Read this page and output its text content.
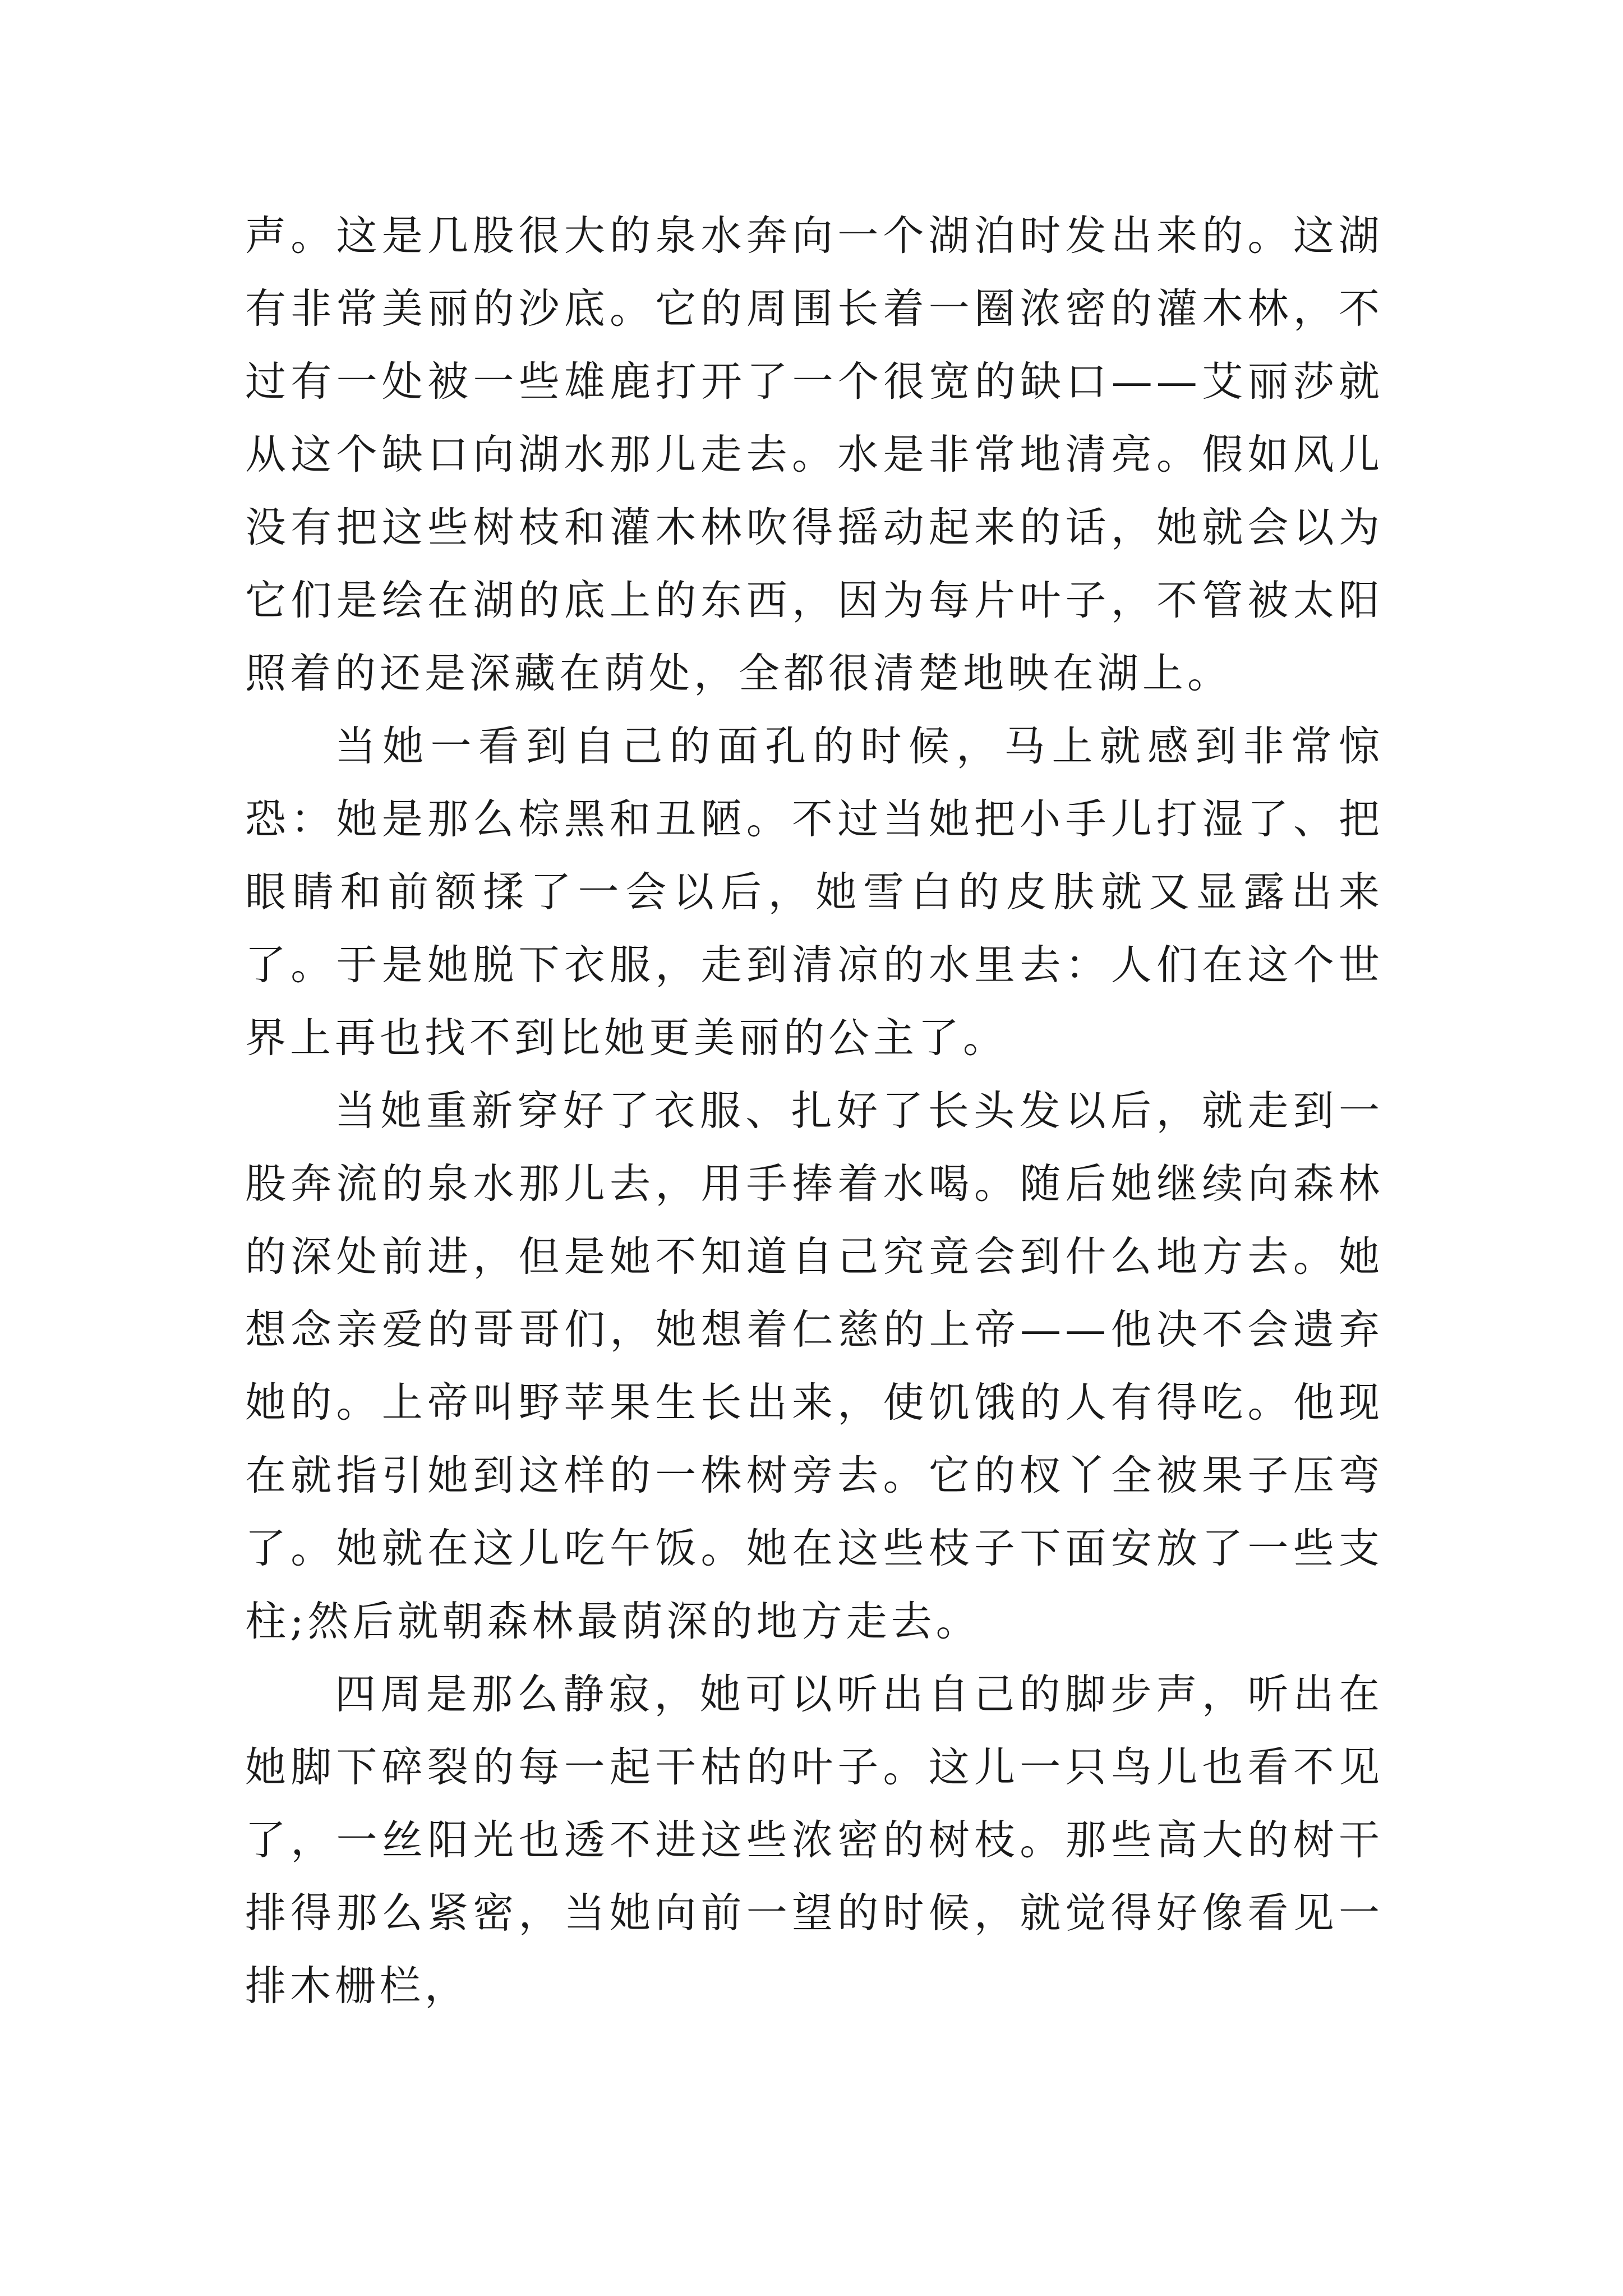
声。这是几股很大的泉水奔向一个湖泊时发出来的。这湖有非常美丽的沙底。它的周围长着一圈浓密的灌木林，不过有一处被一些雄鹿打开了一个很宽的缺口——艾丽莎就从这个缺口向湖水那儿走去。水是非常地清亮。假如风儿没有把这些树枝和灌木林吹得摇动起来的话，她就会以为它们是绘在湖的底上的东西，因为每片叶子，不管被太阳照着的还是深藏在荫处，全都很清楚地映在湖上。

当她一看到自己的面孔的时候，马上就感到非常惊恐：她是那么棕黑和丑陋。不过当她把小手儿打湿了、把眼睛和前额揉了一会以后，她雪白的皮肤就又显露出来了。于是她脱下衣服，走到清凉的水里去：人们在这个世界上再也找不到比她更美丽的公主了。

当她重新穿好了衣服、扎好了长头发以后，就走到一股奔流的泉水那儿去，用手捧着水喝。随后她继续向森林的深处前进，但是她不知道自己究竟会到什么地方去。她想念亲爱的哥哥们，她想着仁慈的上帝——他决不会遗弃她的。上帝叫野苹果生长出来，使饥饿的人有得吃。他现在就指引她到这样的一株树旁去。它的杈丫全被果子压弯了。她就在这儿吃午饭。她在这些枝子下面安放了一些支柱;然后就朝森林最荫深的地方走去。

四周是那么静寂，她可以听出自己的脚步声，听出在她脚下碎裂的每一起干枯的叶子。这儿一只鸟儿也看不见了，一丝阳光也透不进这些浓密的树枝。那些高大的树干排得那么紧密，当她向前一望的时候，就觉得好像看见一排木栅栏，
